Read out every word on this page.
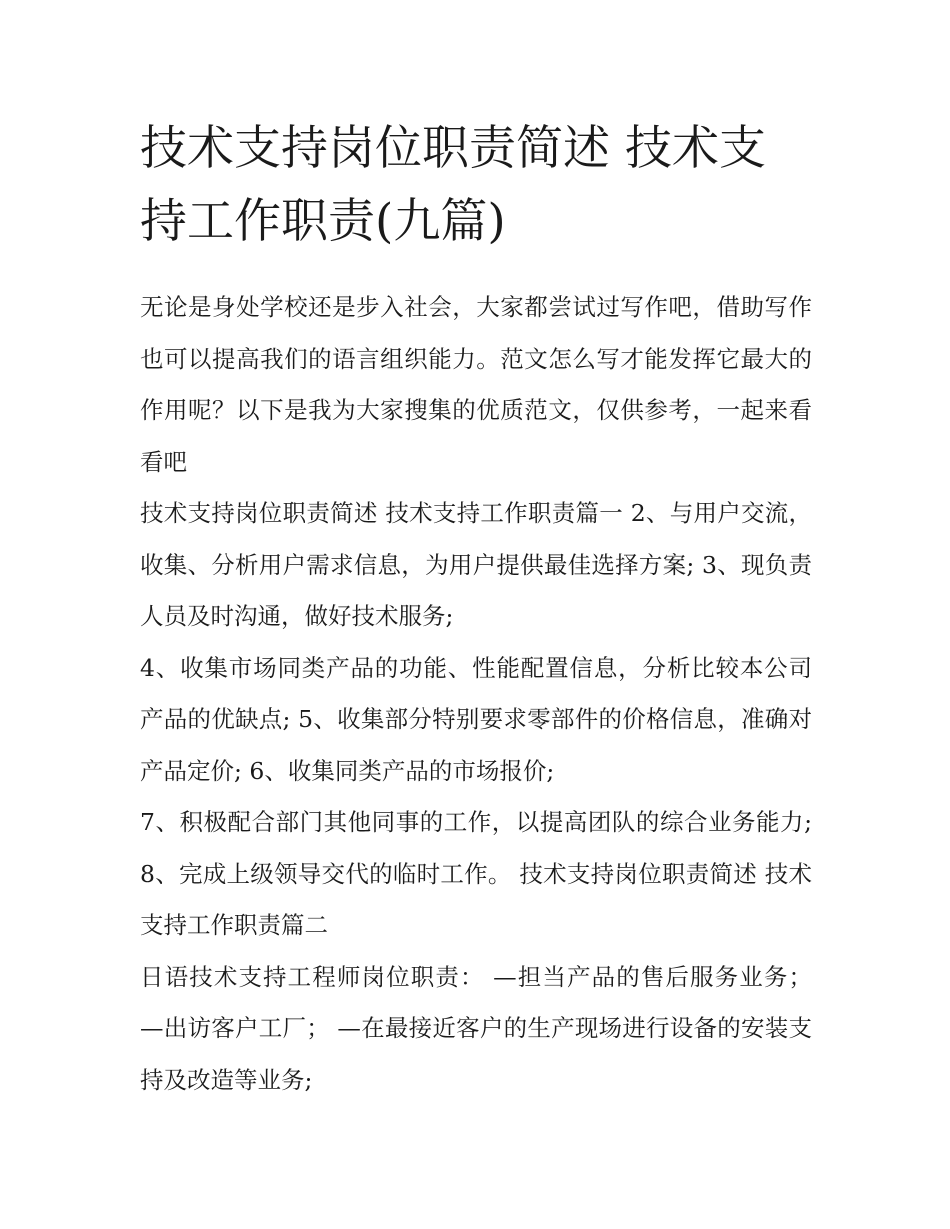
技术支持岗位职责简述 技术支持工作职责(九篇)

无论是身处学校还是步入社会，大家都尝试过写作吧，借助写作也可以提高我们的语言组织能力。范文怎么写才能发挥它最大的作用呢？以下是我为大家搜集的优质范文，仅供参考，一起来看看吧

技术支持岗位职责简述 技术支持工作职责篇一 2、与用户交流，收集、分析用户需求信息，为用户提供最佳选择方案; 3、现负责人员及时沟通，做好技术服务;

4、收集市场同类产品的功能、性能配置信息，分析比较本公司产品的优缺点; 5、收集部分特别要求零部件的价格信息，准确对产品定价; 6、收集同类产品的市场报价;

7、积极配合部门其他同事的工作，以提高团队的综合业务能力; 8、完成上级领导交代的临时工作。 技术支持岗位职责简述 技术支持工作职责篇二

日语技术支持工程师岗位职责： —担当产品的售后服务业务； —出访客户工厂； —在最接近客户的生产现场进行设备的安装支持及改造等业务;
